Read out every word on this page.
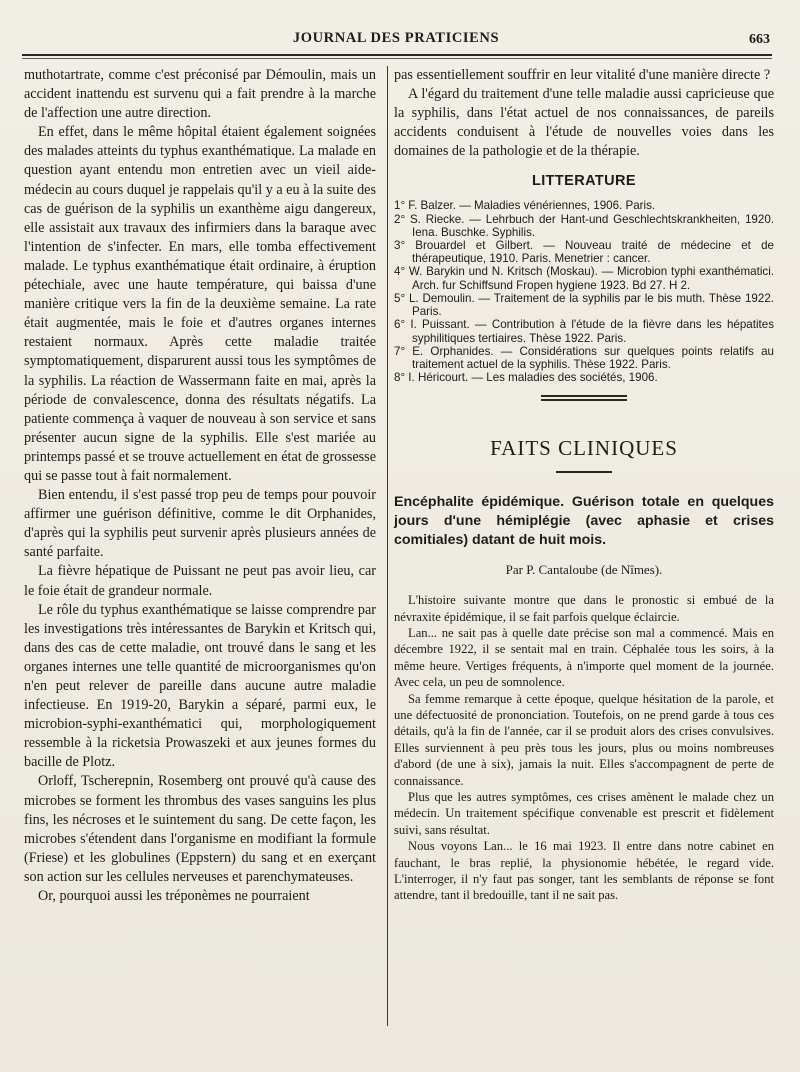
JOURNAL DES PRATICIENS	663

muthotartrate, comme c'est préconisé par Démoulin, mais un accident inattendu est survenu qui a fait prendre à la marche de l'affection une autre direction.

En effet, dans le même hôpital étaient également soignées des malades atteints du typhus exanthématique. La malade en question ayant entendu mon entretien avec un vieil aide-médecin au cours duquel je rappelais qu'il y a eu à la suite des cas de guérison de la syphilis un exanthème aigu dangereux, elle assistait aux travaux des infirmiers dans la baraque avec l'intention de s'infecter. En mars, elle tomba effectivement malade. Le typhus exanthématique était ordinaire, à éruption pétechiale, avec une haute température, qui baissa d'une manière critique vers la fin de la deuxième semaine. La rate était augmentée, mais le foie et d'autres organes internes restaient normaux. Après cette maladie traitée symptomatiquement, disparurent aussi tous les symptômes de la syphilis. La réaction de Wassermann faite en mai, après la période de convalescence, donna des résultats négatifs. La patiente commença à vaquer de nouveau à son service et sans présenter aucun signe de la syphilis. Elle s'est mariée au printemps passé et se trouve actuellement en état de grossesse qui se passe tout à fait normalement.

Bien entendu, il s'est passé trop peu de temps pour pouvoir affirmer une guérison définitive, comme le dit Orphanides, d'après qui la syphilis peut survenir après plusieurs années de santé parfaite.

La fièvre hépatique de Puissant ne peut pas avoir lieu, car le foie était de grandeur normale.

Le rôle du typhus exanthématique se laisse comprendre par les investigations très intéressantes de Barykin et Kritsch qui, dans des cas de cette maladie, ont trouvé dans le sang et les organes internes une telle quantité de microorganismes qu'on n'en peut relever de pareille dans aucune autre maladie infectieuse. En 1919-20, Barykin a séparé, parmi eux, le microbion-syphi-exanthématici qui, morphologiquement ressemble à la ricketsia Prowaszeki et aux jeunes formes du bacille de Plotz.

Orloff, Tscherepnin, Rosemberg ont prouvé qu'à cause des microbes se forment les thrombus des vases sanguins les plus fins, les nécroses et le suintement du sang. De cette façon, les microbes s'étendent dans l'organisme en modifiant la formule (Friese) et les globulines (Eppstern) du sang et en exerçant son action sur les cellules nerveuses et parenchymateuses.

Or, pourquoi aussi les tréponèmes ne pourraient

pas essentiellement souffrir en leur vitalité d'une manière directe ?

A l'égard du traitement d'une telle maladie aussi capricieuse que la syphilis, dans l'état actuel de nos connaissances, de pareils accidents conduisent à l'étude de nouvelles voies dans les domaines de la pathologie et de la thérapie.

LITTERATURE
1° F. Balzer. — Maladies vénériennes, 1906. Paris.
2° S. Riecke. — Lehrbuch der Hant-und Geschlechtskrankheiten, 1920. Iena. Buschke. Syphilis.
3° Brouardel et Gilbert. — Nouveau traité de médecine et de thérapeutique, 1910. Paris. Menetrier : cancer.
4° W. Barykin und N. Kritsch (Moskau). — Microbion typhi exanthématici. Arch. fur Schiffsund Fropen hygiene 1923. Bd 27. H 2.
5° L. Demoulin. — Traitement de la syphilis par le bis muth. Thèse 1922. Paris.
6° I. Puissant. — Contribution à l'étude de la fièvre dans les hépatites syphilitiques tertiaires. Thèse 1922. Paris.
7° E. Orphanides. — Considérations sur quelques points relatifs au traitement actuel de la syphilis. Thèse 1922. Paris.
8° I. Héricourt. — Les maladies des sociétés, 1906.
FAITS CLINIQUES

Encéphalite épidémique. Guérison totale en quelques jours d'une hémiplégie (avec aphasie et crises comitiales) datant de huit mois.

Par P. Cantaloube (de Nîmes).

L'histoire suivante montre que dans le pronostic si embué de la névraxite épidémique, il se fait parfois quelque éclaircie.

Lan... ne sait pas à quelle date précise son mal a commencé. Mais en décembre 1922, il se sentait mal en train. Céphalée tous les soirs, à la même heure. Vertiges fréquents, à n'importe quel moment de la journée. Avec cela, un peu de somnolence.

Sa femme remarque à cette époque, quelque hésitation de la parole, et une défectuosité de prononciation. Toutefois, on ne prend garde à tous ces détails, qu'à la fin de l'année, car il se produit alors des crises convulsives. Elles surviennent à peu près tous les jours, plus ou moins nombreuses d'abord (de une à six), jamais la nuit. Elles s'accompagnent de perte de connaissance.

Plus que les autres symptômes, ces crises amènent le malade chez un médecin. Un traitement spécifique convenable est prescrit et fidèlement suivi, sans résultat.

Nous voyons Lan... le 16 mai 1923. Il entre dans notre cabinet en fauchant, le bras replié, la physionomie hébétée, le regard vide. L'interroger, il n'y faut pas songer, tant les semblants de réponse se font attendre, tant il bredouille, tant il ne sait pas.
